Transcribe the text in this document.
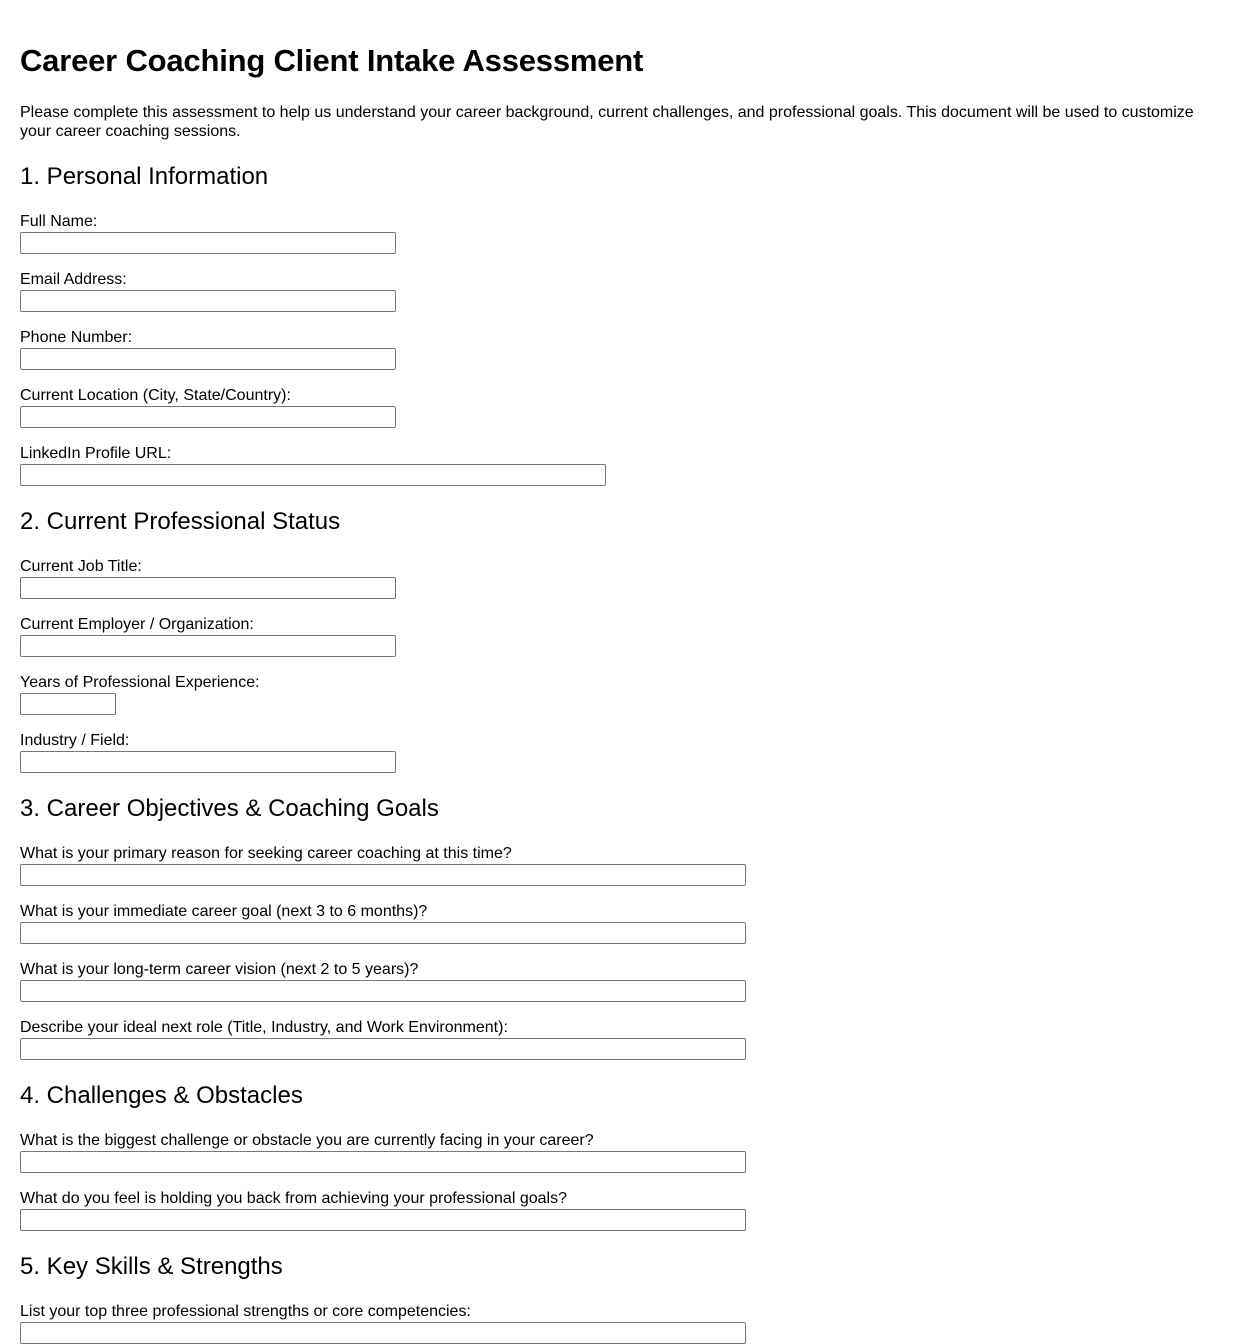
Career Coaching Client Intake Assessment

Please complete this assessment to help us understand your career background, current challenges, and professional goals. This document will be used to customize your career coaching sessions.

1. Personal Information
Full Name:
Email Address:
Phone Number:
Current Location (City, State/Country):
LinkedIn Profile URL:
2. Current Professional Status
Current Job Title:
Current Employer / Organization:
Years of Professional Experience:
Industry / Field:
3. Career Objectives & Coaching Goals
What is your primary reason for seeking career coaching at this time?
What is your immediate career goal (next 3 to 6 months)?
What is your long-term career vision (next 2 to 5 years)?
Describe your ideal next role (Title, Industry, and Work Environment):
4. Challenges & Obstacles
What is the biggest challenge or obstacle you are currently facing in your career?
What do you feel is holding you back from achieving your professional goals?
5. Key Skills & Strengths
List your top three professional strengths or core competencies:
